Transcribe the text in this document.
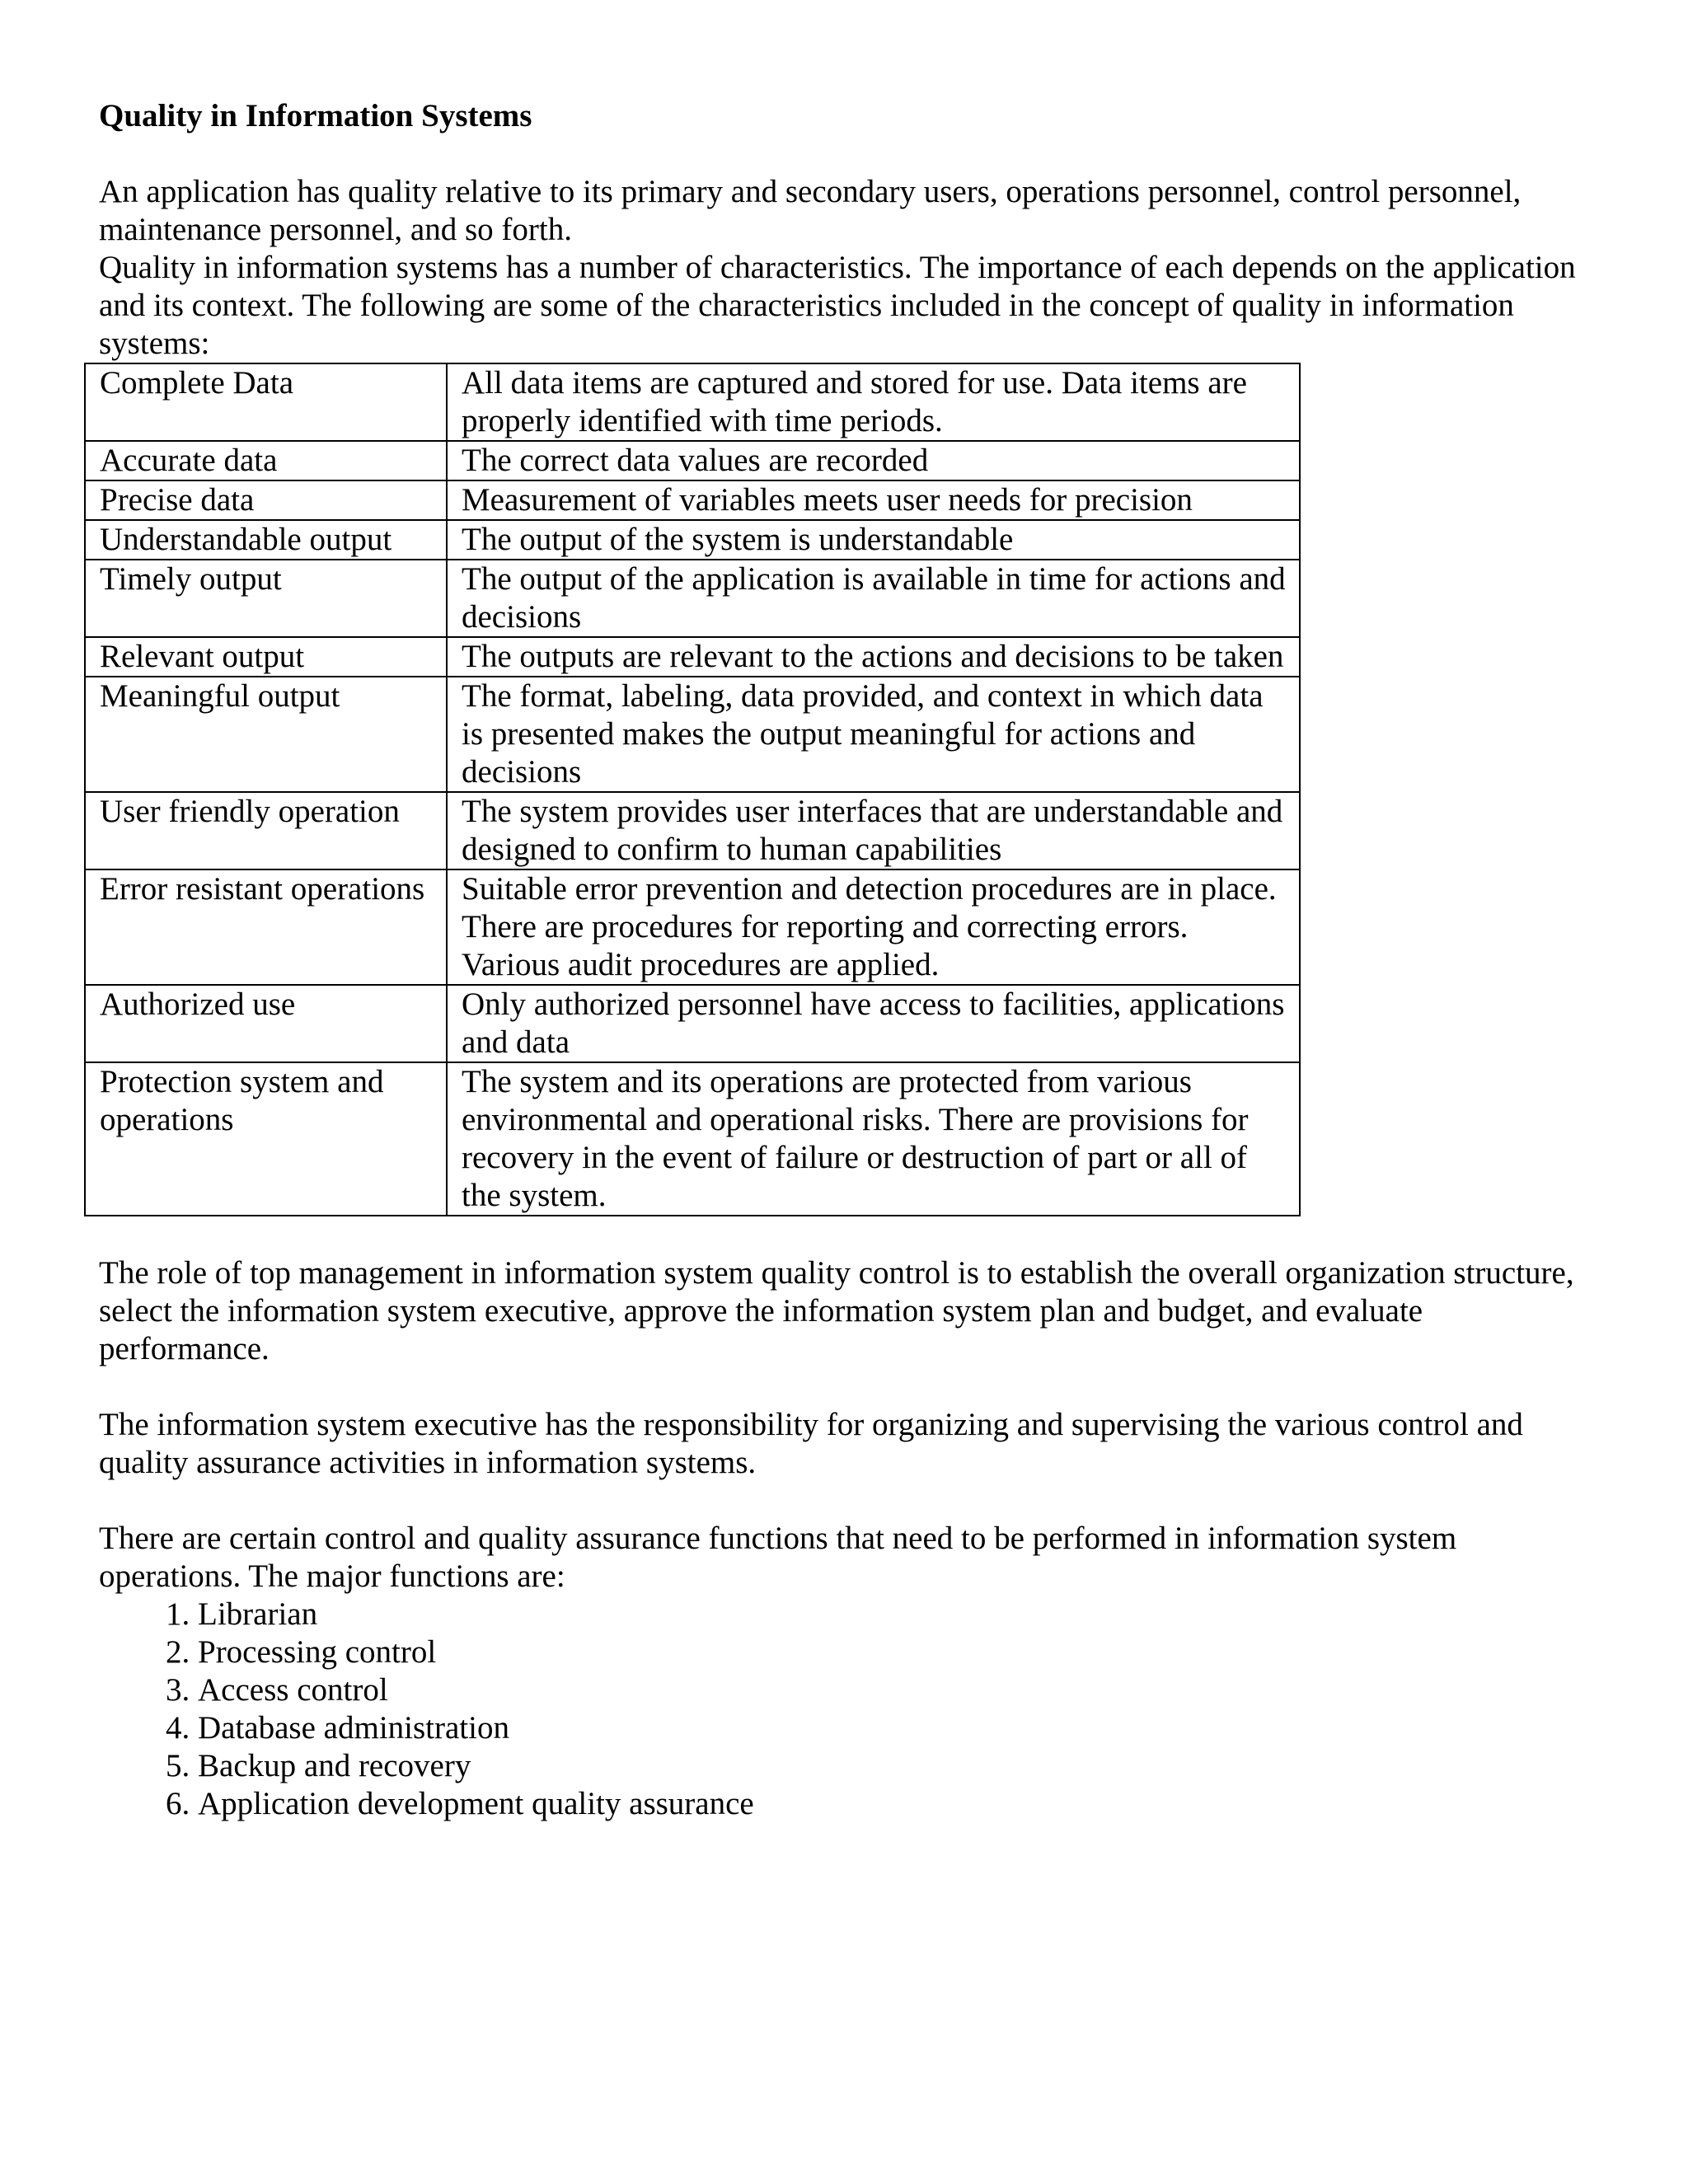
Quality in Information Systems

An application has quality relative to its primary and secondary users, operations personnel, control personnel, maintenance personnel, and so forth.

Quality in information systems has a number of characteristics. The importance of each depends on the application and its context. The following are some of the characteristics included in the concept of quality in information systems:

Complete Data	All data items are captured and stored for use. Data items are properly identified with time periods.
Accurate data	The correct data values are recorded
Precise data	Measurement of variables meets user needs for precision
Understandable output	The output of the system is understandable
Timely output	The output of the application is available in time for actions and decisions
Relevant output	The outputs are relevant to the actions and decisions to be taken
Meaningful output	The format, labeling, data provided, and context in which data is presented makes the output meaningful for actions and decisions
User friendly operation	The system provides user interfaces that are understandable and designed to confirm to human capabilities
Error resistant operations	Suitable error prevention and detection procedures are in place. There are procedures for reporting and correcting errors. Various audit procedures are applied.
Authorized use	Only authorized personnel have access to facilities, applications and data
Protection system and operations	The system and its operations are protected from various environmental and operational risks. There are provisions for recovery in the event of failure or destruction of part or all of the system.

The role of top management in information system quality control is to establish the overall organization structure, select the information system executive, approve the information system plan and budget, and evaluate performance.

The information system executive has the responsibility for organizing and supervising the various control and quality assurance activities in information systems.

There are certain control and quality assurance functions that need to be performed in information system operations. The major functions are:

1. Librarian
2. Processing control
3. Access control
4. Database administration
5. Backup and recovery
6. Application development quality assurance
